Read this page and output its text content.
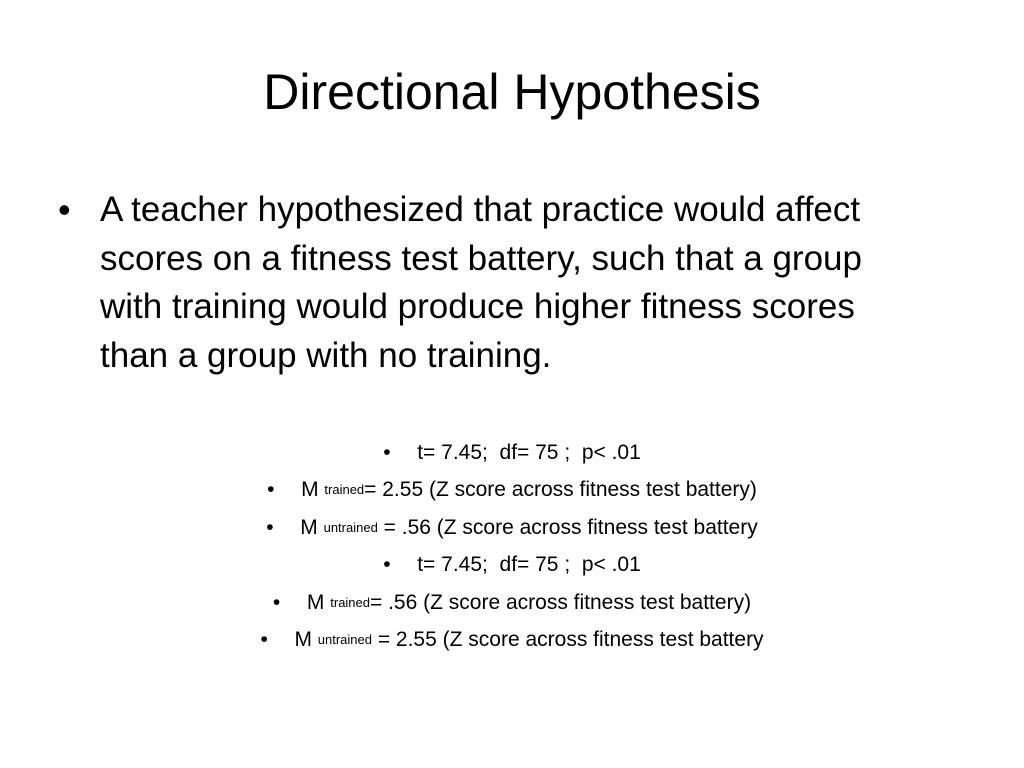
Directional Hypothesis
• A teacher hypothesized that practice would affect scores on a fitness test battery, such that a group with training would produce higher fitness scores than a group with no training.
•	t= 7.45;  df= 75 ;  p< .01
•	M trained = 2.55 (Z score across fitness test battery)
•	M untrained = .56 (Z score across fitness test battery
•	t= 7.45;  df= 75 ;  p< .01
•	M trained = .56 (Z score across fitness test battery)
•	M untrained = 2.55 (Z score across fitness test battery
